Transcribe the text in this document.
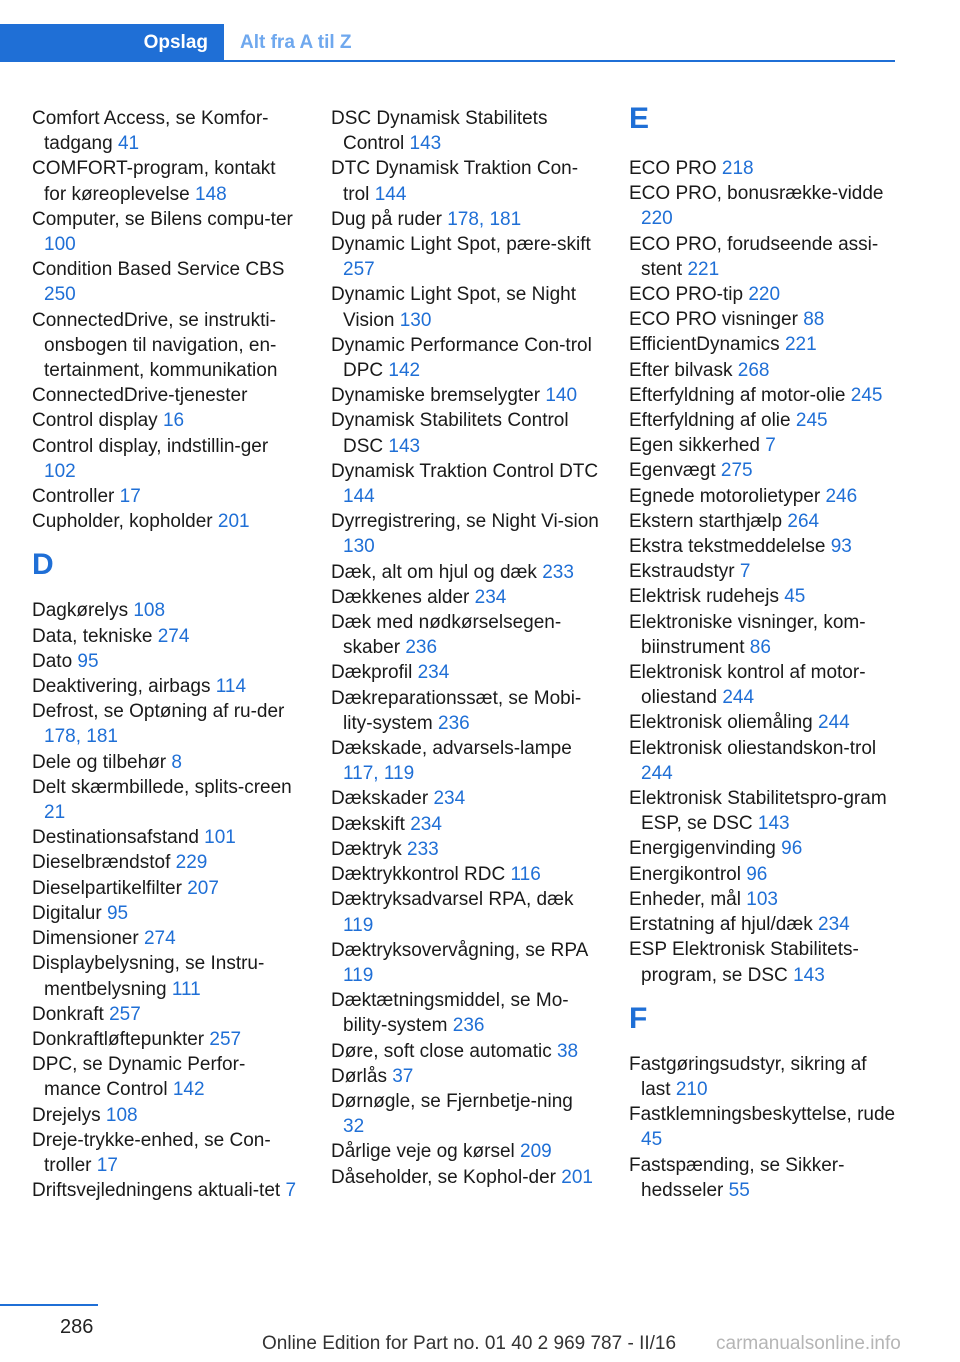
Opslag	Alt fra A til Z
Comfort Access, se Komfor-tadgang 41
COMFORT-program, kontakt for køreoplevelse 148
Computer, se Bilens compu-ter 100
Condition Based Service CBS 250
ConnectedDrive, se instrukti-onsbogen til navigation, en-tertainment, kommunikation
ConnectedDrive-tjenester
Control display 16
Control display, indstillin-ger 102
Controller 17
Cupholder, kopholder 201
D
Dagkørelys 108
Data, tekniske 274
Dato 95
Deaktivering, airbags 114
Defrost, se Optøning af ru-der 178, 181
Dele og tilbehør 8
Delt skærmbillede, splits-creen 21
Destinationsafstand 101
Dieselbrændstof 229
Dieselpartikelfilter 207
Digitalur 95
Dimensioner 274
Displaybelysning, se Instru-mentbelysning 111
Donkraft 257
Donkraftløftepunkter 257
DPC, se Dynamic Perfor-mance Control 142
Drejelys 108
Dreje-trykke-enhed, se Con-troller 17
Driftsvejledningens aktuali-tet 7
DSC Dynamisk Stabilitets Control 143
DTC Dynamisk Traktion Con-trol 144
Dug på ruder 178, 181
Dynamic Light Spot, pære-skift 257
Dynamic Light Spot, se Night Vision 130
Dynamic Performance Con-trol DPC 142
Dynamiske bremselygter 140
Dynamisk Stabilitets Control DSC 143
Dynamisk Traktion Control DTC 144
Dyrregistrering, se Night Vi-sion 130
Dæk, alt om hjul og dæk 233
Dækkenes alder 234
Dæk med nødkørselsegen-skaber 236
Dækprofil 234
Dækreparationssæt, se Mobi-lity-system 236
Dækskade, advarsels-lampe 117, 119
Dækskader 234
Dækskift 234
Dæktryk 233
Dæktrykkontrol RDC 116
Dæktryksadvarsel RPA, dæk 119
Dæktryksovervågning, se RPA 119
Dæktætningsmiddel, se Mo-bility-system 236
Døre, soft close automatic 38
Dørlås 37
Dørnøgle, se Fjernbetje-ning 32
Dårlige veje og kørsel 209
Dåseholder, se Kophol-der 201
E
ECO PRO 218
ECO PRO, bonusrække-vidde 220
ECO PRO, forudseende assi-stent 221
ECO PRO-tip 220
ECO PRO visninger 88
EfficientDynamics 221
Efter bilvask 268
Efterfyldning af motor-olie 245
Efterfyldning af olie 245
Egen sikkerhed 7
Egenvægt 275
Egnede motorolietyper 246
Ekstern starthjælp 264
Ekstra tekstmeddelelse 93
Ekstraudstyr 7
Elektrisk rudehejs 45
Elektroniske visninger, kom-biinstrument 86
Elektronisk kontrol af motor-oliestand 244
Elektronisk oliemåling 244
Elektronisk oliestandskon-trol 244
Elektronisk Stabilitetspro-gram ESP, se DSC 143
Energigenvinding 96
Energikontrol 96
Enheder, mål 103
Erstatning af hjul/dæk 234
ESP Elektronisk Stabilitets-program, se DSC 143
F
Fastgøringsudstyr, sikring af last 210
Fastklemningsbeskyttelse, rude 45
Fastspænding, se Sikker-hedsseler 55
286
Online Edition for Part no. 01 40 2 969 787 - II/16 carmanualsonline.info
